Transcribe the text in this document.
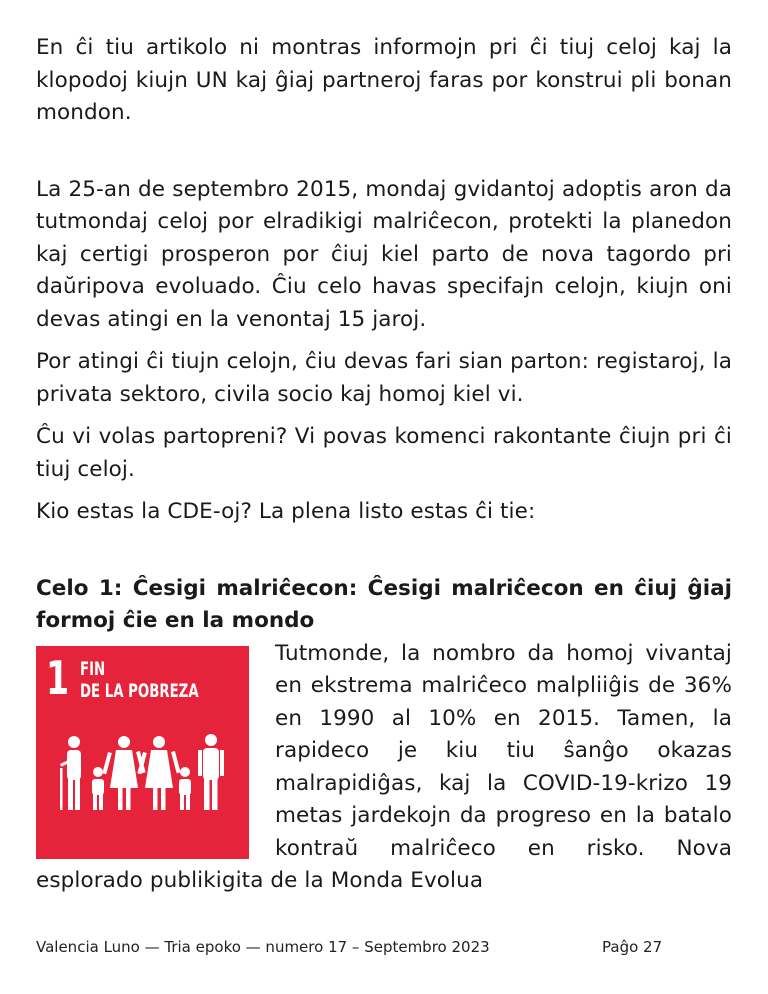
En ĉi tiu artikolo ni montras informojn pri ĉi tiuj celoj kaj la klopodoj kiujn UN kaj ĝiaj partneroj faras por konstrui pli bonan mondon.

La 25-an de septembro 2015, mondaj gvidantoj adoptis aron da tutmondaj celoj por elradikigi malriĉecon, protekti la planedon kaj certigi prosperon por ĉiuj kiel parto de nova tagordo pri daŭripova evoluado. Ĉiu celo havas specifajn celojn, kiujn oni devas atingi en la venontaj 15 jaroj.

Por atingi ĉi tiujn celojn, ĉiu devas fari sian parton: registaroj, la privata sektoro, civila socio kaj homoj kiel vi.

Ĉu vi volas partopreni? Vi povas komenci rakontante ĉiujn pri ĉi tiuj celoj.

Kio estas la CDE-oj? La plena listo estas ĉi tie:

Celo 1: Ĉesigi malriĉecon: Ĉesigi malriĉecon en ĉiuj ĝiaj formoj ĉie en la mondo
1 FIN
DE LA POBREZA

Tutmonde, la nombro da homoj vivantaj en ekstrema malriĉeco malpliiĝis de 36% en 1990 al 10% en 2015. Tamen, la rapideco je kiu tiu ŝanĝo okazas malrapidiĝas, kaj la COVID-19-krizo 19 metas jardekojn da progreso en la batalo kontraŭ malriĉeco en risko. Nova esplorado publikigita de la Monda Evolua

Valencia Luno — Tria epoko — numero 17 – Septembro 2023	Paĝo 27
